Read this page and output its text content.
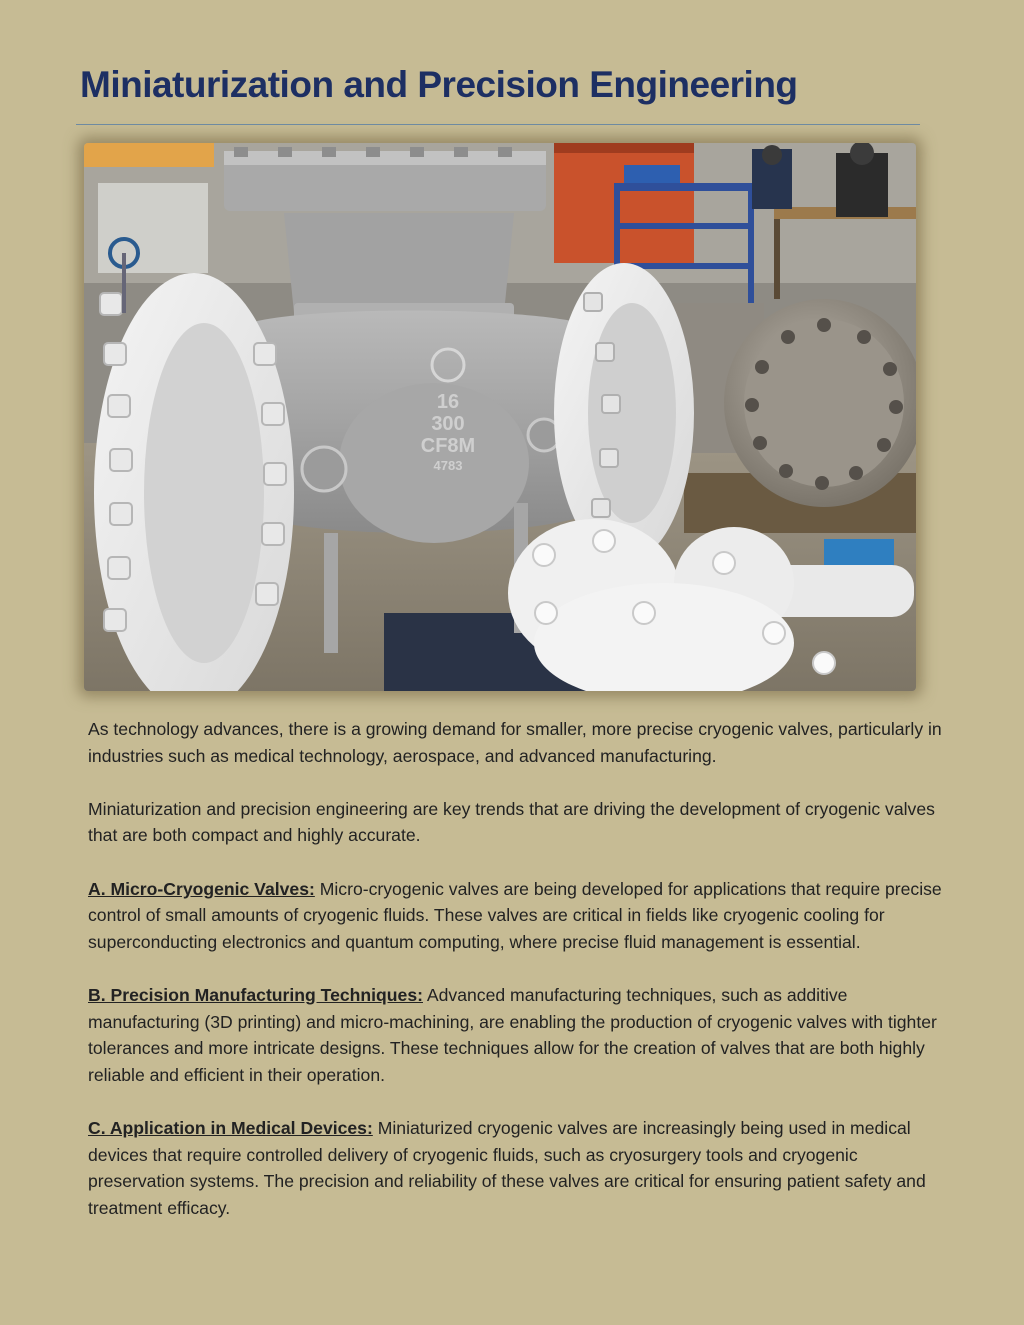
Miniaturization and Precision Engineering
16
300
CF8M
4783

As technology advances, there is a growing demand for smaller, more precise cryogenic valves, particularly in industries such as medical technology, aerospace, and advanced manufacturing.

Miniaturization and precision engineering are key trends that are driving the development of cryogenic valves that are both compact and highly accurate.

A. Micro-Cryogenic Valves: Micro-cryogenic valves are being developed for applications that require precise control of small amounts of cryogenic fluids. These valves are critical in fields like cryogenic cooling for superconducting electronics and quantum computing, where precise fluid management is essential.

B. Precision Manufacturing Techniques: Advanced manufacturing techniques, such as additive manufacturing (3D printing) and micro-machining, are enabling the production of cryogenic valves with tighter tolerances and more intricate designs. These techniques allow for the creation of valves that are both highly reliable and efficient in their operation.

C. Application in Medical Devices: Miniaturized cryogenic valves are increasingly being used in medical devices that require controlled delivery of cryogenic fluids, such as cryosurgery tools and cryogenic preservation systems. The precision and reliability of these valves are critical for ensuring patient safety and treatment efficacy.
